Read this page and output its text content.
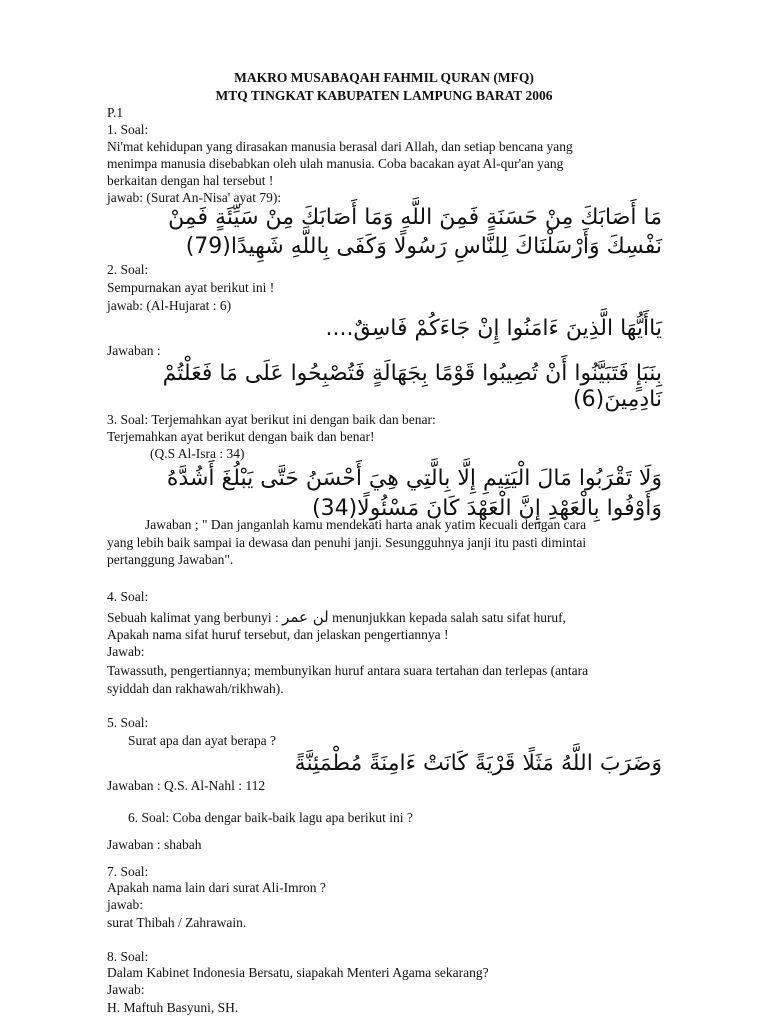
MAKRO MUSABAQAH FAHMIL QURAN (MFQ)
MTQ TINGKAT KABUPATEN LAMPUNG BARAT 2006
P.1
1. Soal:
Ni'mat kehidupan yang dirasakan manusia berasal dari Allah, dan setiap bencana yang
menimpa manusia disebabkan oleh ulah manusia. Coba bacakan ayat Al-qur'an yang
berkaitan dengan hal tersebut !
jawab: (Surat An-Nisa' ayat 79):
مَا أَصَابَكَ مِنْ حَسَنَةٍ فَمِنَ اللَّهِ وَمَا أَصَابَكَ مِنْ سَيِّئَةٍ فَمِنْ
نَفْسِكَ وَأَرْسَلْنَاكَ لِلنَّاسِ رَسُولًا وَكَفَى بِاللَّهِ شَهِيدًا(79)
2. Soal:
Sempurnakan ayat berikut ini !
jawab: (Al-Hujarat : 6)
يَاأَيُّهَا الَّذِينَ ءَامَنُوا إِنْ جَاءَكُمْ فَاسِقٌ....
Jawaban :
بِنَبَإٍ فَتَبَيَّنُوا أَنْ تُصِيبُوا قَوْمًا بِجَهَالَةٍ فَتُصْبِحُوا عَلَى مَا فَعَلْتُمْ
نَادِمِينَ(6)
3. Soal: Terjemahkan ayat berikut ini dengan baik dan benar:
Terjemahkan ayat berikut dengan baik dan benar!
(Q.S Al-Isra : 34)
وَلَا تَقْرَبُوا مَالَ الْيَتِيمِ إِلَّا بِالَّتِي هِيَ أَحْسَنُ حَتَّى يَبْلُغَ أَشُدَّهُ
وَأَوْفُوا بِالْعَهْدِ إِنَّ الْعَهْدَ كَانَ مَسْئُولًا(34)
Jawaban ; " Dan janganlah kamu mendekati harta anak yatim kecuali dengan cara
yang lebih baik sampai ia dewasa dan penuhi janji. Sesungguhnya janji itu pasti dimintai
pertanggung Jawaban".
4. Soal:
Sebuah kalimat yang berbunyi : لن عمر menunjukkan kepada salah satu sifat huruf,
Apakah nama sifat huruf tersebut, dan jelaskan pengertiannya !
Jawab:
Tawassuth, pengertiannya; membunyikan huruf antara suara tertahan dan terlepas (antara
syiddah dan rakhawah/rikhwah).
5. Soal:
Surat apa dan ayat berapa ?
وَضَرَبَ اللَّهُ مَثَلًا قَرْيَةً كَانَتْ ءَامِنَةً مُطْمَئِنَّةً
Jawaban : Q.S. Al-Nahl : 112
6. Soal: Coba dengar baik-baik lagu apa berikut ini ?
Jawaban : shabah
7. Soal:
Apakah nama lain dari surat Ali-Imron ?
jawab:
surat Thibah / Zahrawain.
8. Soal:
Dalam Kabinet Indonesia Bersatu, siapakah Menteri Agama sekarang?
Jawab:
H. Maftuh Basyuni, SH.
